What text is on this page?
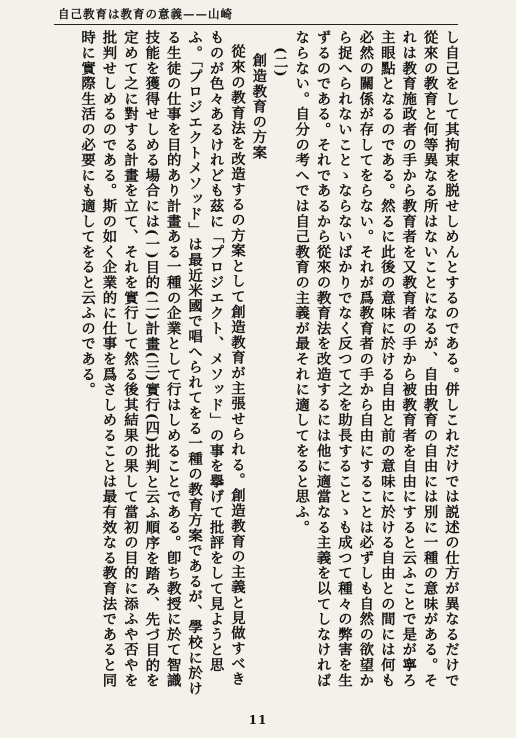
自己教育は教育の意義——山崎

し自己をして其拘束を脱せしめんとするのである。併しこれだけでは説述の仕方が異なるだけで從來の教育と何等異なる所はないことになるが、自由教育の自由には別に一種の意味がある。それは教育施政者の手から教育者を又教育者の手から被教育者を自由にすると云ふことで是が寧ろ主眼點となるのである。然るに此後の意味に於ける自由と前の意味に於ける自由との間には何も必然の關係が存してをらない。それが爲教育者の手から自由にすることは必ずしも自然の欲望から捉へられないことゝならないばかりでなく反つて之を助長することゝも成つて種々の弊害を生ずるのである。それであるから從來の教育法を改造するには他に適當なる主義を以てしなければならない。自分の考へでは自己教育の主義が最それに適してをると思ふ。

(二)

創造教育の方案

從來の教育法を改造するの方案として創造教育が主張せられる。創造教育の主義と見做すべきものが色々あるけれども茲に「プロジエクト、メソッド」の事を擧げて批評をして見ようと思ふ。「プロジエクトメソッド」は最近米國で唱へられてをる一種の教育方案であるが、學校に於ける生徒の仕事を目的あり計畫ある一種の企業として行はしめることである。卽ち教授に於て智識技能を獲得せしめる場合には(一)目的(二)計畫(三)實行(四)批判と云ふ順序を踏み、先づ目的を定めて之に對する計畫を立て、それを實行して然る後其結果の果して當初の目的に添ふや否やを批判せしめるのである。斯の如く企業的に仕事を爲さしめることは最有效なる教育法であると同時に實際生活の必要にも適してをると云ふのである。

11
